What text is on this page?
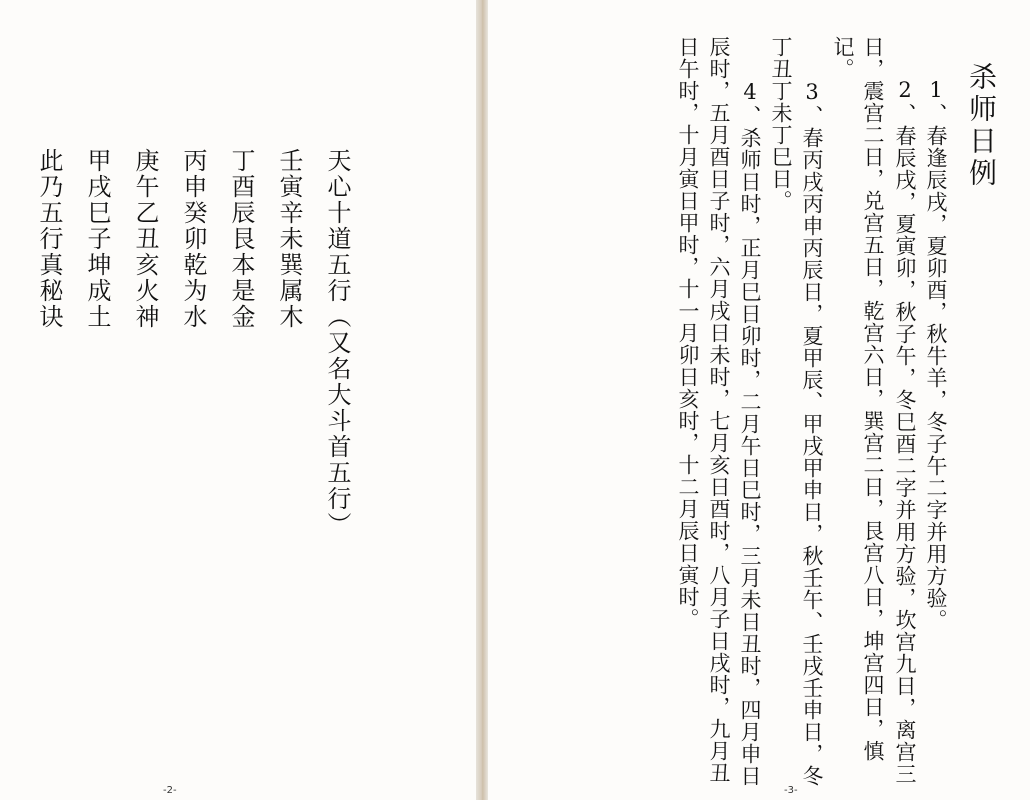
天心十道五行（又名大斗首五行）
壬寅辛未巽属木
丁酉辰艮本是金
丙申癸卯乾为水
庚午乙丑亥火神
甲戌巳子坤成土
此乃五行真秘诀
-2-
杀师日例
1、春逢辰戌，夏卯酉，秋牛羊，冬子午二字并用方验。
2、春辰戌，夏寅卯，秋子午，冬巳酉二字并用方验，坎宫九日，离宫三
日，震宫二日，兑宫五日，乾宫六日，巽宫二日，艮宫八日，坤宫四日，慎
记。
3、春丙戌丙申丙辰日，夏甲辰、甲戌甲申日，秋壬午、壬戌壬申日，冬
丁丑丁未丁巳日。
4、杀师日时，正月巳日卯时，二月午日巳时，三月未日丑时，四月申日
辰时，五月酉日子时，六月戌日未时，七月亥日酉时，八月子日戌时，九月丑
日午时，十月寅日甲时，十一月卯日亥时，十二月辰日寅时。
-3-
